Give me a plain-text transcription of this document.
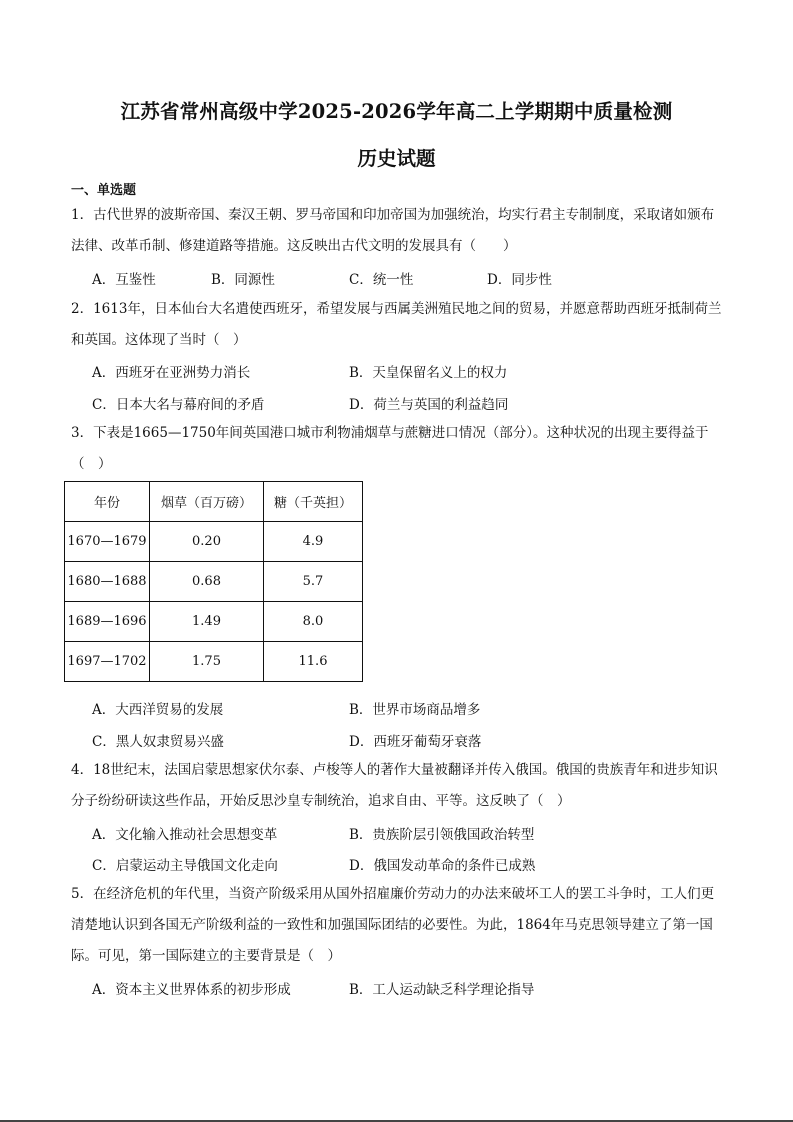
江苏省常州高级中学2025-2026学年高二上学期期中质量检测
历史试题
一、单选题
1．古代世界的波斯帝国、秦汉王朝、罗马帝国和印加帝国为加强统治，均实行君主专制制度，采取诸如颁布法律、改革币制、修建道路等措施。这反映出古代文明的发展具有（　　）
A．互鉴性	B．同源性	C．统一性	D．同步性
2．1613年，日本仙台大名遣使西班牙，希望发展与西属美洲殖民地之间的贸易，并愿意帮助西班牙抵制荷兰和英国。这体现了当时（　）
A．西班牙在亚洲势力消长	B．天皇保留名义上的权力
C．日本大名与幕府间的矛盾	D．荷兰与英国的利益趋同
3．下表是1665—1750年间英国港口城市利物浦烟草与蔗糖进口情况（部分）。这种状况的出现主要得益于（　）
年份	烟草（百万磅）	糖（千英担）
1670—1679	0.20	4.9
1680—1688	0.68	5.7
1689—1696	1.49	8.0
1697—1702	1.75	11.6
A．大西洋贸易的发展	B．世界市场商品增多
C．黑人奴隶贸易兴盛	D．西班牙葡萄牙衰落
4．18世纪末，法国启蒙思想家伏尔泰、卢梭等人的著作大量被翻译并传入俄国。俄国的贵族青年和进步知识分子纷纷研读这些作品，开始反思沙皇专制统治，追求自由、平等。这反映了（　）
A．文化输入推动社会思想变革	B．贵族阶层引领俄国政治转型
C．启蒙运动主导俄国文化走向	D．俄国发动革命的条件已成熟
5．在经济危机的年代里，当资产阶级采用从国外招雇廉价劳动力的办法来破坏工人的罢工斗争时，工人们更清楚地认识到各国无产阶级利益的一致性和加强国际团结的必要性。为此，1864年马克思领导建立了第一国际。可见，第一国际建立的主要背景是（　）
A．资本主义世界体系的初步形成	B．工人运动缺乏科学理论指导
